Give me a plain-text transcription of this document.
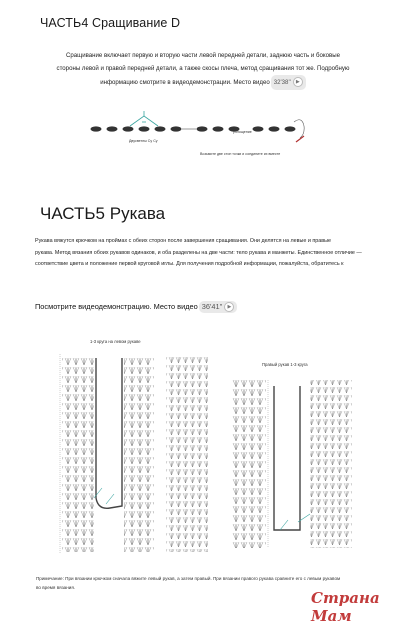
ЧАСТЬ4 Сращивание D
Сращивание включает первую и вторую части левой передней детали, заднюю часть и боковые
стороны левой и правой передней детали, а также скосы плеча, метод сращивания тот же. Подробную
информацию смотрите в видеодемонстрации. Место видео 32'38'' ▶
Двусветлы Су Су
уплощение
Возьмите две стон точки и соедините их вместе
ЧАСТЬ5 Рукава
Рукава вяжутся крючком на проймах с обеих сторон после завершения сращивания. Они делятся на левые и правые
рукава. Метод вязания обоих рукавов одинаков, и оба разделены на две части: тело рукава и манжеты. Единственное отличие —
соответствие цвета и положение первой круговой иглы. Для получения подробной информации, пожалуйста, обратитесь к
Посмотрите видеодемонстрацию. Место видео 36'41'' ▶
1-3 круга на левом рукаве
Правый рукав 1-3 круга
Примечание: При вязании крючком сначала вяжите левый рукав, а затем правый. При вязании правого рукава сравните его с левым рукавом
во время вязания.
Страна Мам
